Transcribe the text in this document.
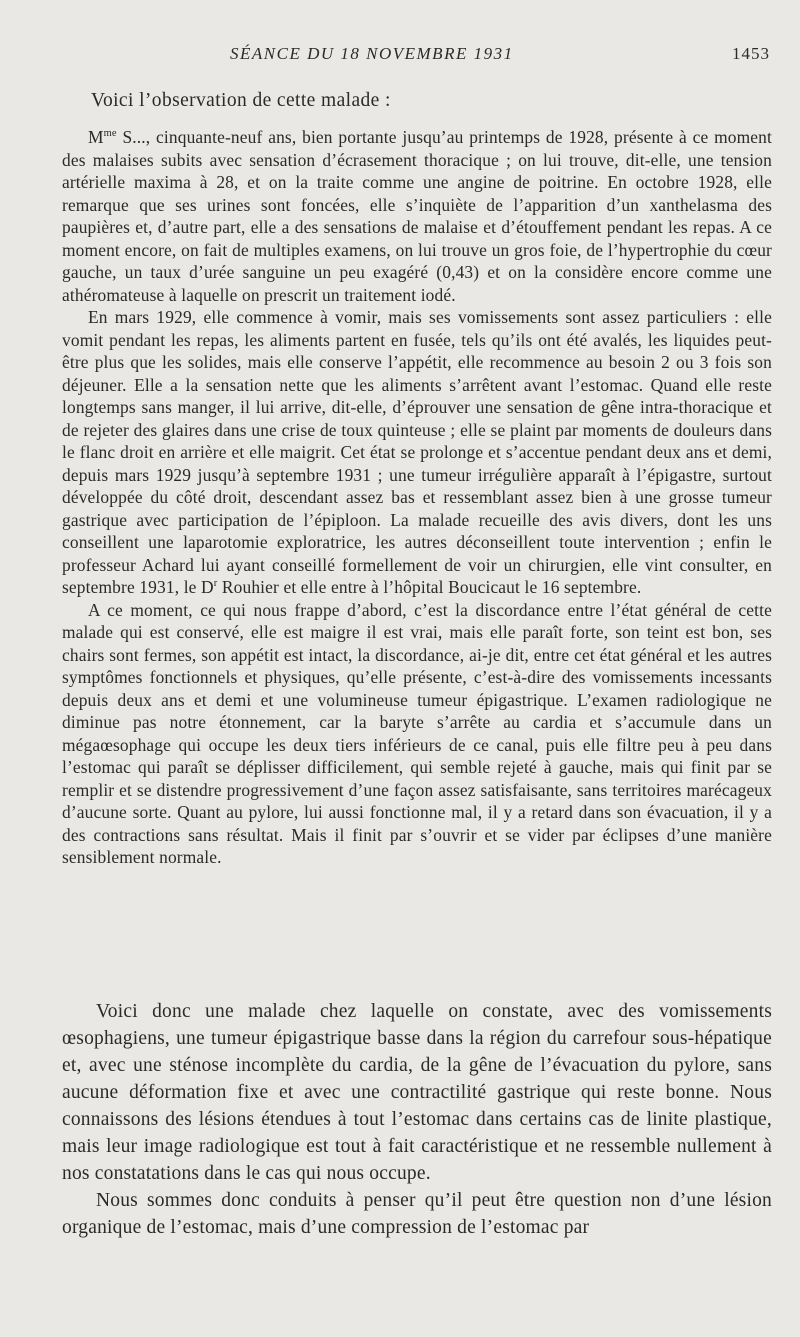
SÉANCE DU 18 NOVEMBRE 1931	1453
Voici l’observation de cette malade :

$M^{me}$ S..., cinquante-neuf ans, bien portante jusqu’au printemps de 1928, présente à ce moment des malaises subits avec sensation d’écrasement thoracique ; on lui trouve, dit-elle, une tension artérielle maxima à 28, et on la traite comme une angine de poitrine. En octobre 1928, elle remarque que ses urines sont foncées, elle s’inquiète de l’apparition d’un xanthelasma des paupières et, d’autre part, elle a des sensations de malaise et d’étouffement pendant les repas. A ce moment encore, on fait de multiples examens, on lui trouve un gros foie, de l’hypertrophie du cœur gauche, un taux d’urée sanguine un peu exagéré (0,43) et on la considère encore comme une athéromateuse à laquelle on prescrit un traitement iodé.

En mars 1929, elle commence à vomir, mais ses vomissements sont assez particuliers : elle vomit pendant les repas, les aliments partent en fusée, tels qu’ils ont été avalés, les liquides peut-être plus que les solides, mais elle conserve l’appétit, elle recommence au besoin 2 ou 3 fois son déjeuner. Elle a la sensation nette que les aliments s’arrêtent avant l’estomac. Quand elle reste longtemps sans manger, il lui arrive, dit-elle, d’éprouver une sensation de gêne intra-thoracique et de rejeter des glaires dans une crise de toux quinteuse ; elle se plaint par moments de douleurs dans le flanc droit en arrière et elle maigrit. Cet état se prolonge et s’accentue pendant deux ans et demi, depuis mars 1929 jusqu’à septembre 1931 ; une tumeur irrégulière apparaît à l’épigastre, surtout développée du côté droit, descendant assez bas et ressemblant assez bien à une grosse tumeur gastrique avec participation de l’épiploon. La malade recueille des avis divers, dont les uns conseillent une laparotomie exploratrice, les autres déconseillent toute intervention ; enfin le professeur Achard lui ayant conseillé formellement de voir un chirurgien, elle vint consulter, en septembre 1931, le $D^r$ Rouhier et elle entre à l’hôpital Boucicaut le 16 septembre.

A ce moment, ce qui nous frappe d’abord, c’est la discordance entre l’état général de cette malade qui est conservé, elle est maigre il est vrai, mais elle paraît forte, son teint est bon, ses chairs sont fermes, son appétit est intact, la discordance, ai-je dit, entre cet état général et les autres symptômes fonctionnels et physiques, qu’elle présente, c’est-à-dire des vomissements incessants depuis deux ans et demi et une volumineuse tumeur épigastrique. L’examen radiologique ne diminue pas notre étonnement, car la baryte s’arrête au cardia et s’accumule dans un mégaœsophage qui occupe les deux tiers inférieurs de ce canal, puis elle filtre peu à peu dans l’estomac qui paraît se déplisser difficilement, qui semble rejeté à gauche, mais qui finit par se remplir et se distendre progressivement d’une façon assez satisfaisante, sans territoires marécageux d’aucune sorte. Quant au pylore, lui aussi fonctionne mal, il y a retard dans son évacuation, il y a des contractions sans résultat. Mais il finit par s’ouvrir et se vider par éclipses d’une manière sensiblement normale.

Voici donc une malade chez laquelle on constate, avec des vomissements œsophagiens, une tumeur épigastrique basse dans la région du carrefour sous-hépatique et, avec une sténose incomplète du cardia, de la gêne de l’évacuation du pylore, sans aucune déformation fixe et avec une contractilité gastrique qui reste bonne. Nous connaissons des lésions étendues à tout l’estomac dans certains cas de linite plastique, mais leur image radiologique est tout à fait caractéristique et ne ressemble nullement à nos constatations dans le cas qui nous occupe.

Nous sommes donc conduits à penser qu’il peut être question non d’une lésion organique de l’estomac, mais d’une compression de l’estomac par
